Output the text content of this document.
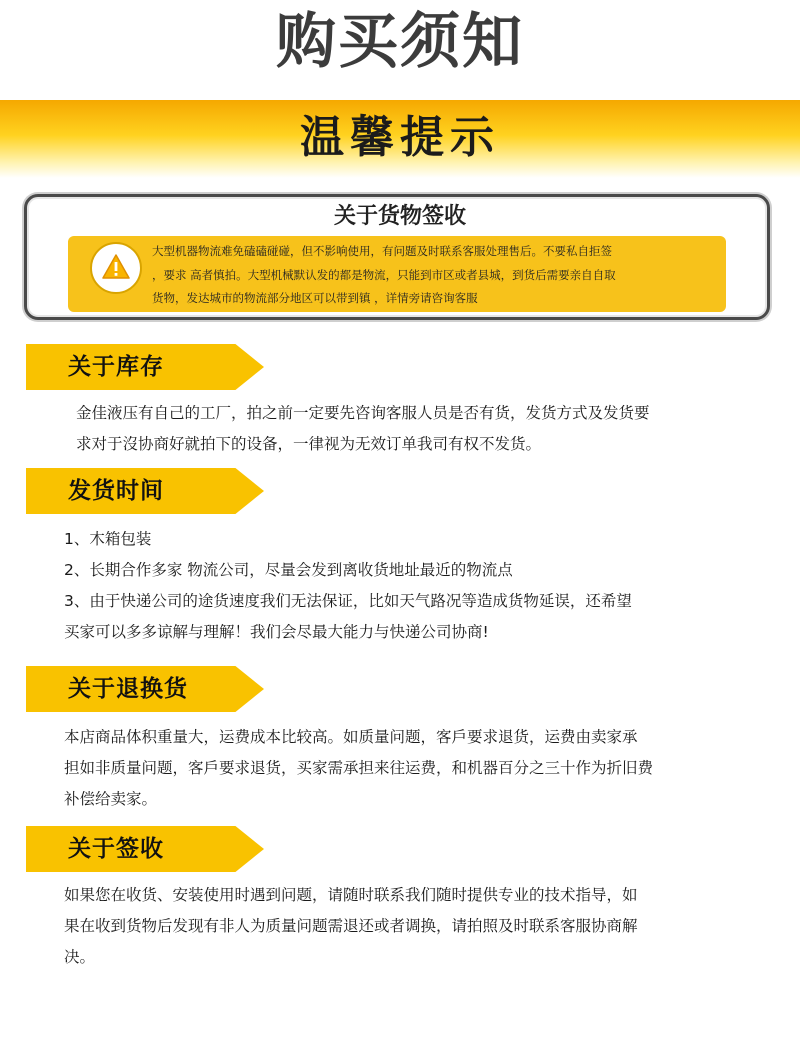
购买须知
温馨提示
关于货物签收
大型机器物流难免磕磕碰碰，但不影响使用，有问题及时联系客服处理售后。不要私自拒签
，要求 高者慎拍。大型机械默认发的都是物流，只能到市区或者县城，到货后需要亲自自取
货物，发达城市的物流部分地区可以带到镇 ，详情旁请咨询客服
关于库存
金佳液压有自己的工厂，拍之前一定要先咨询客服人员是否有货，发货方式及发货要
求对于沒协商好就拍下的设备，一律视为无效订单我司有权不发货。
发货时间
1、木箱包装
2、长期合作多家 物流公司，尽量会发到离收货地址最近的物流点
3、由于快递公司的途货速度我们无法保证，比如天气路况等造成货物延误，还希望
买家可以多多谅解与理解！我们会尽最大能力与快递公司协商!
关于退换货
本店商品体积重量大，运费成本比较高。如质量问题，客戶要求退货，运费由卖家承
担如非质量问题，客戶要求退货，买家需承担来往运费，和机器百分之三十作为折旧费
补偿给卖家。
关于签收
如果您在收货、安装使用时遇到问题，请随时联系我们随时提供专业的技术指导，如
果在收到货物后发现有非人为质量问题需退还或者调换，请拍照及时联系客服协商解
决。
